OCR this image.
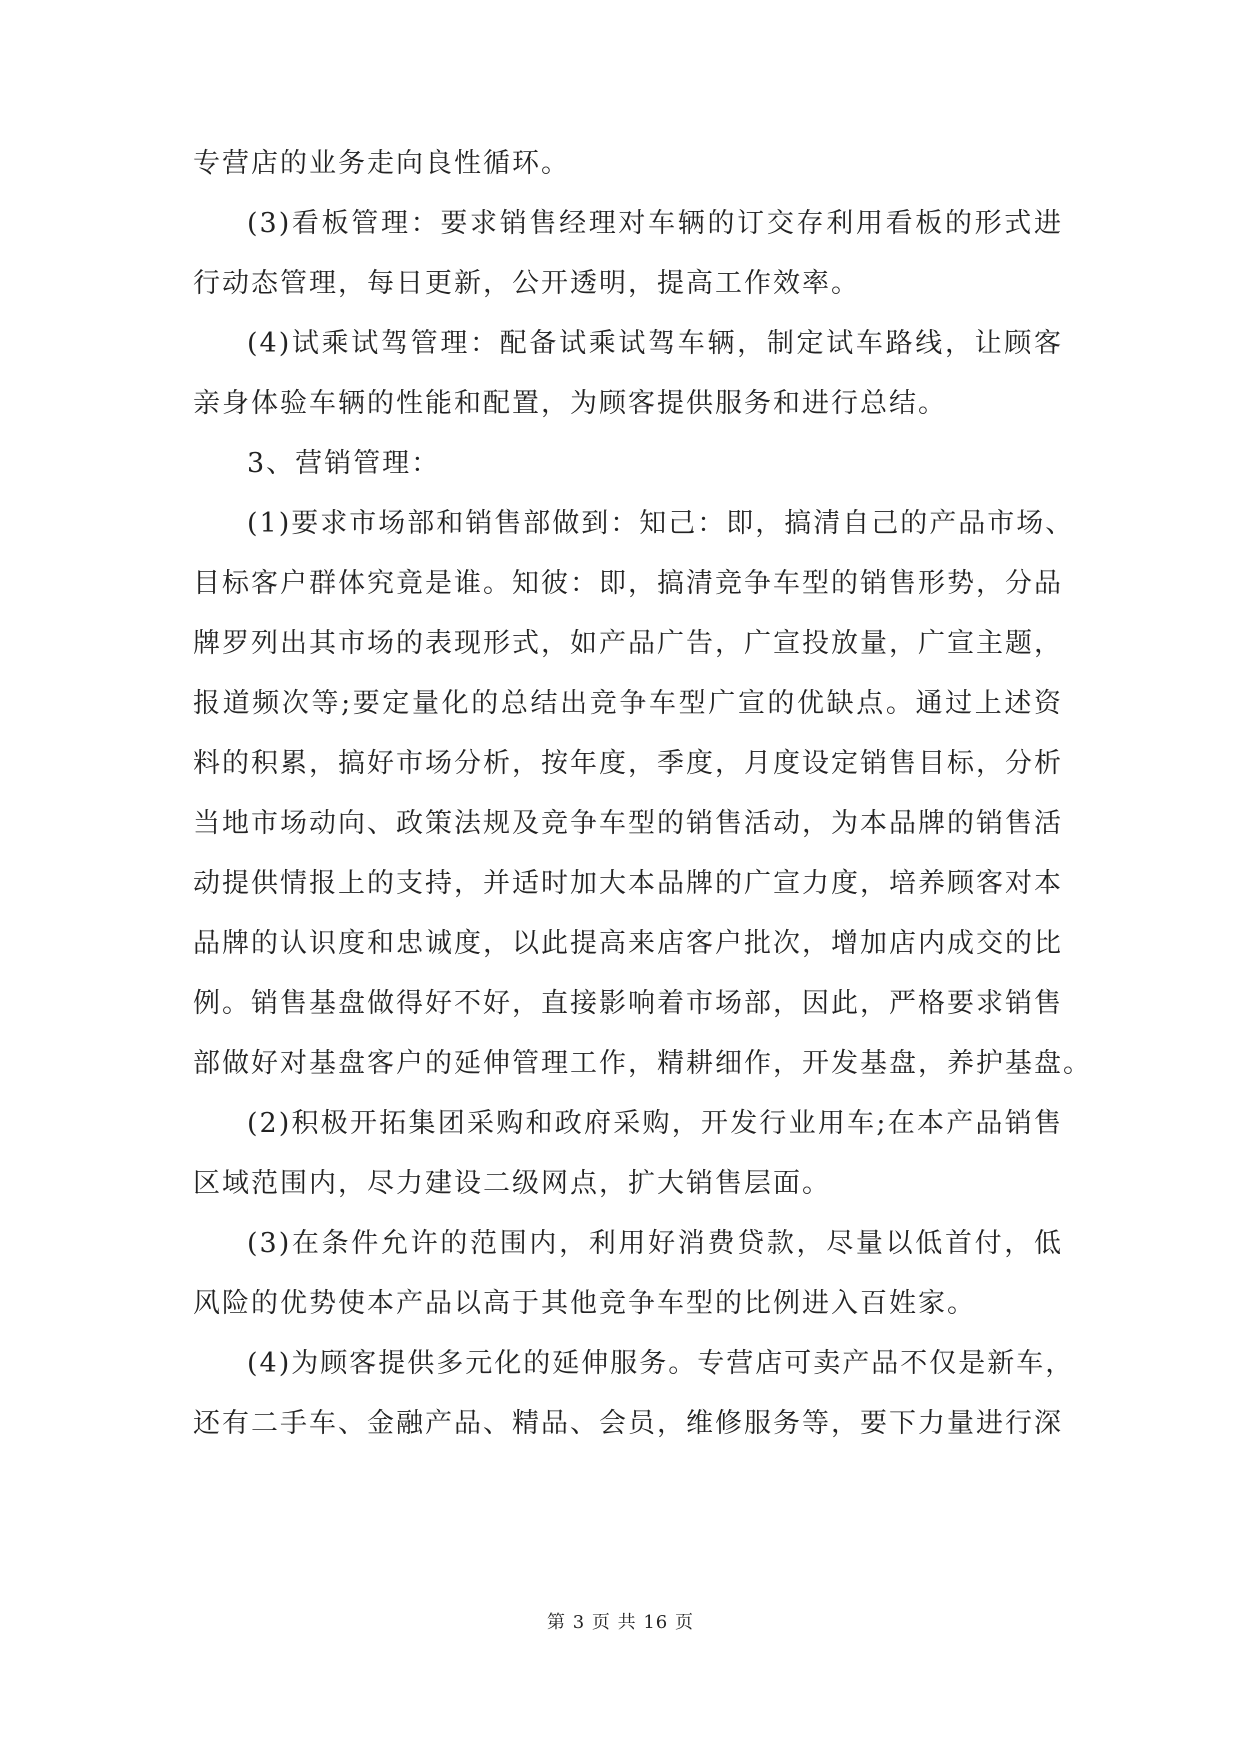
专营店的业务走向良性循环。
(3)看板管理：要求销售经理对车辆的订交存利用看板的形式进
行动态管理，每日更新，公开透明，提高工作效率。
(4)试乘试驾管理：配备试乘试驾车辆，制定试车路线，让顾客
亲身体验车辆的性能和配置，为顾客提供服务和进行总结。
3、营销管理：
(1)要求市场部和销售部做到：知己：即，搞清自己的产品市场、
目标客户群体究竟是谁。知彼：即，搞清竞争车型的销售形势，分品
牌罗列出其市场的表现形式，如产品广告，广宣投放量，广宣主题，
报道频次等;要定量化的总结出竞争车型广宣的优缺点。通过上述资
料的积累，搞好市场分析，按年度，季度，月度设定销售目标，分析
当地市场动向、政策法规及竞争车型的销售活动，为本品牌的销售活
动提供情报上的支持，并适时加大本品牌的广宣力度，培养顾客对本
品牌的认识度和忠诚度，以此提高来店客户批次，增加店内成交的比
例。销售基盘做得好不好，直接影响着市场部，因此，严格要求销售
部做好对基盘客户的延伸管理工作，精耕细作，开发基盘，养护基盘。
(2)积极开拓集团采购和政府采购，开发行业用车;在本产品销售
区域范围内，尽力建设二级网点，扩大销售层面。
(3)在条件允许的范围内，利用好消费贷款，尽量以低首付，低
风险的优势使本产品以高于其他竞争车型的比例进入百姓家。
(4)为顾客提供多元化的延伸服务。专营店可卖产品不仅是新车，
还有二手车、金融产品、精品、会员，维修服务等，要下力量进行深
第 3 页 共 16 页
